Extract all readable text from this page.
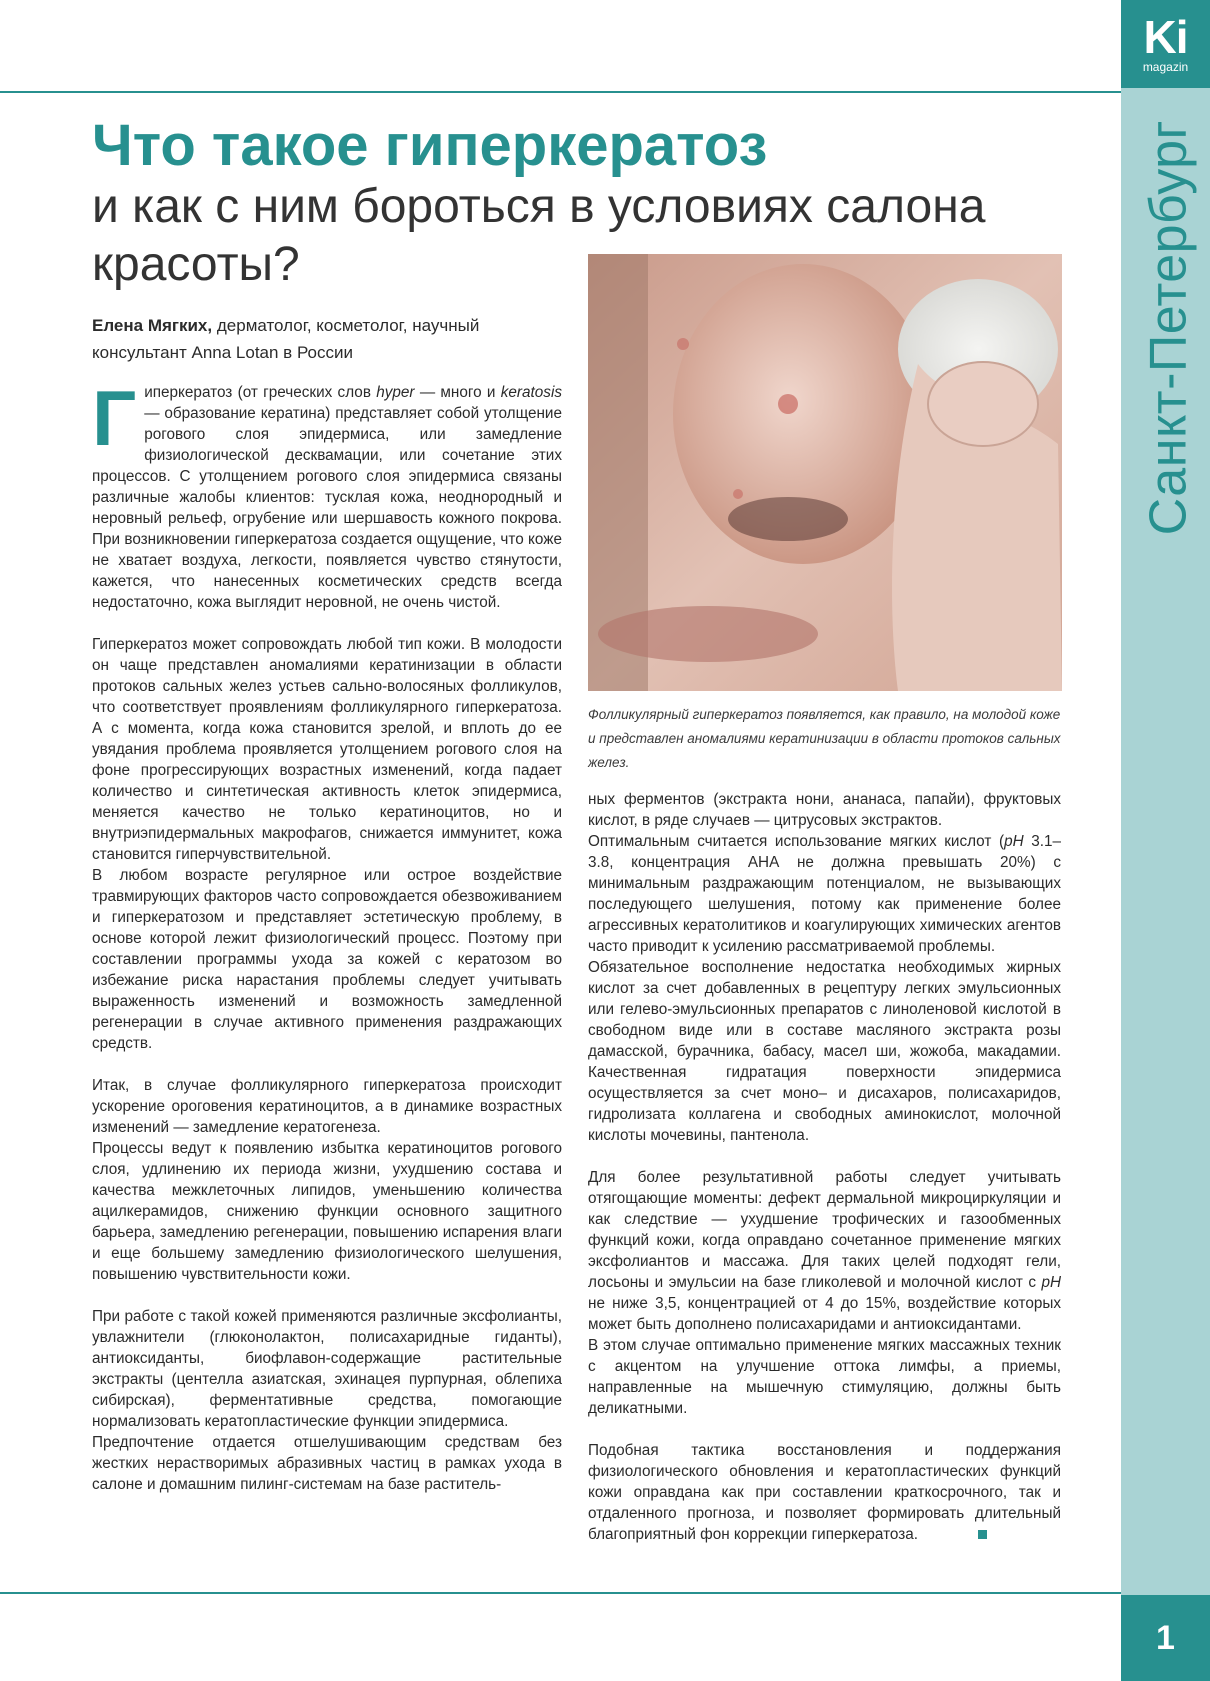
Ki
magazin
Санкт-Петербург
1
Что такое гиперкератоз
и как с ним бороться в условиях салона красоты?

Елена Мягких, дерматолог, косметолог, научный консультант Anna Lotan в России

Гиперкератоз (от греческих слов hyper — много и keratosis — образование кератина) представляет собой утолщение рогового слоя эпидермиса, или замедление физиологической десквамации, или сочетание этих процессов. С утолщением рогового слоя эпидермиса связаны различные жалобы клиентов: тусклая кожа, неоднородный и неровный рельеф, огрубение или шершавость кожного покрова. При возникновении гиперкератоза создается ощущение, что коже не хватает воздуха, легкости, появляется чувство стянутости, кажется, что нанесенных косметических средств всегда недостаточно, кожа выглядит неровной, не очень чистой.

Гиперкератоз может сопровождать любой тип кожи. В молодости он чаще представлен аномалиями кератинизации в области протоков сальных желез устьев сально-волосяных фолликулов, что соответствует проявлениям фолликулярного гиперкератоза. А с момента, когда кожа становится зрелой, и вплоть до ее увядания проблема проявляется утолщением рогового слоя на фоне прогрессирующих возрастных изменений, когда падает количество и синтетическая активность клеток эпидермиса, меняется качество не только кератиноцитов, но и внутриэпидермальных макрофагов, снижается иммунитет, кожа становится гиперчувствительной.

В любом возрасте регулярное или острое воздействие травмирующих факторов часто сопровождается обезвоживанием и гиперкератозом и представляет эстетическую проблему, в основе которой лежит физиологический процесс. Поэтому при составлении программы ухода за кожей с кератозом во избежание риска нарастания проблемы следует учитывать выраженность изменений и возможность замедленной регенерации в случае активного применения раздражающих средств.

Итак, в случае фолликулярного гиперкератоза происходит ускорение ороговения кератиноцитов, а в динамике возрастных изменений — замедление кератогенеза.

Процессы ведут к появлению избытка кератиноцитов рогового слоя, удлинению их периода жизни, ухудшению состава и качества межклеточных липидов, уменьшению количества ацилкерамидов, снижению функции основного защитного барьера, замедлению регенерации, повышению испарения влаги и еще большему замедлению физиологического шелушения, повышению чувствительности кожи.

При работе с такой кожей применяются различные эксфолианты, увлажнители (глюконолактон, полисахаридные гиданты), антиоксиданты, биофлавон-содержащие растительные экстракты (центелла азиатская, эхинацея пурпурная, облепиха сибирская), ферментативные средства, помогающие нормализовать кератопластические функции эпидермиса.

Предпочтение отдается отшелушивающим средствам без жестких нерастворимых абразивных частиц в рамках ухода в салоне и домашним пилинг-системам на базе раститель-

Фолликулярный гиперкератоз появляется, как правило, на молодой коже и представлен аномалиями кератинизации в области протоков сальных желез.

ных ферментов (экстракта нони, ананаса, папайи), фруктовых кислот, в ряде случаев — цитрусовых экстрактов.

Оптимальным считается использование мягких кислот (pH 3.1–3.8, концентрация АНА не должна превышать 20%) с минимальным раздражающим потенциалом, не вызывающих последующего шелушения, потому как применение более агрессивных кератолитиков и коагулирующих химических агентов часто приводит к усилению рассматриваемой проблемы.

Обязательное восполнение недостатка необходимых жирных кислот за счет добавленных в рецептуру легких эмульсионных или гелево-эмульсионных препаратов с линоленовой кислотой в свободном виде или в составе масляного экстракта розы дамасской, бурачника, бабасу, масел ши, жожоба, макадамии. Качественная гидратация поверхности эпидермиса осуществляется за счет моно– и дисахаров, полисахаридов, гидролизата коллагена и свободных аминокислот, молочной кислоты мочевины, пантенола.

Для более результативной работы следует учитывать отягощающие моменты: дефект дермальной микроциркуляции и как следствие — ухудшение трофических и газообменных функций кожи, когда оправдано сочетанное применение мягких эксфолиантов и массажа. Для таких целей подходят гели, лосьоны и эмульсии на базе гликолевой и молочной кислот с pH не ниже 3,5, концентрацией от 4 до 15%, воздействие которых может быть дополнено полисахаридами и антиоксидантами.

В этом случае оптимально применение мягких массажных техник с акцентом на улучшение оттока лимфы, а приемы, направленные на мышечную стимуляцию, должны быть деликатными.

Подобная тактика восстановления и поддержания физиологического обновления и кератопластических функций кожи оправдана как при составлении краткосрочного, так и отдаленного прогноза, и позволяет формировать длительный благоприятный фон коррекции гиперкератоза.
